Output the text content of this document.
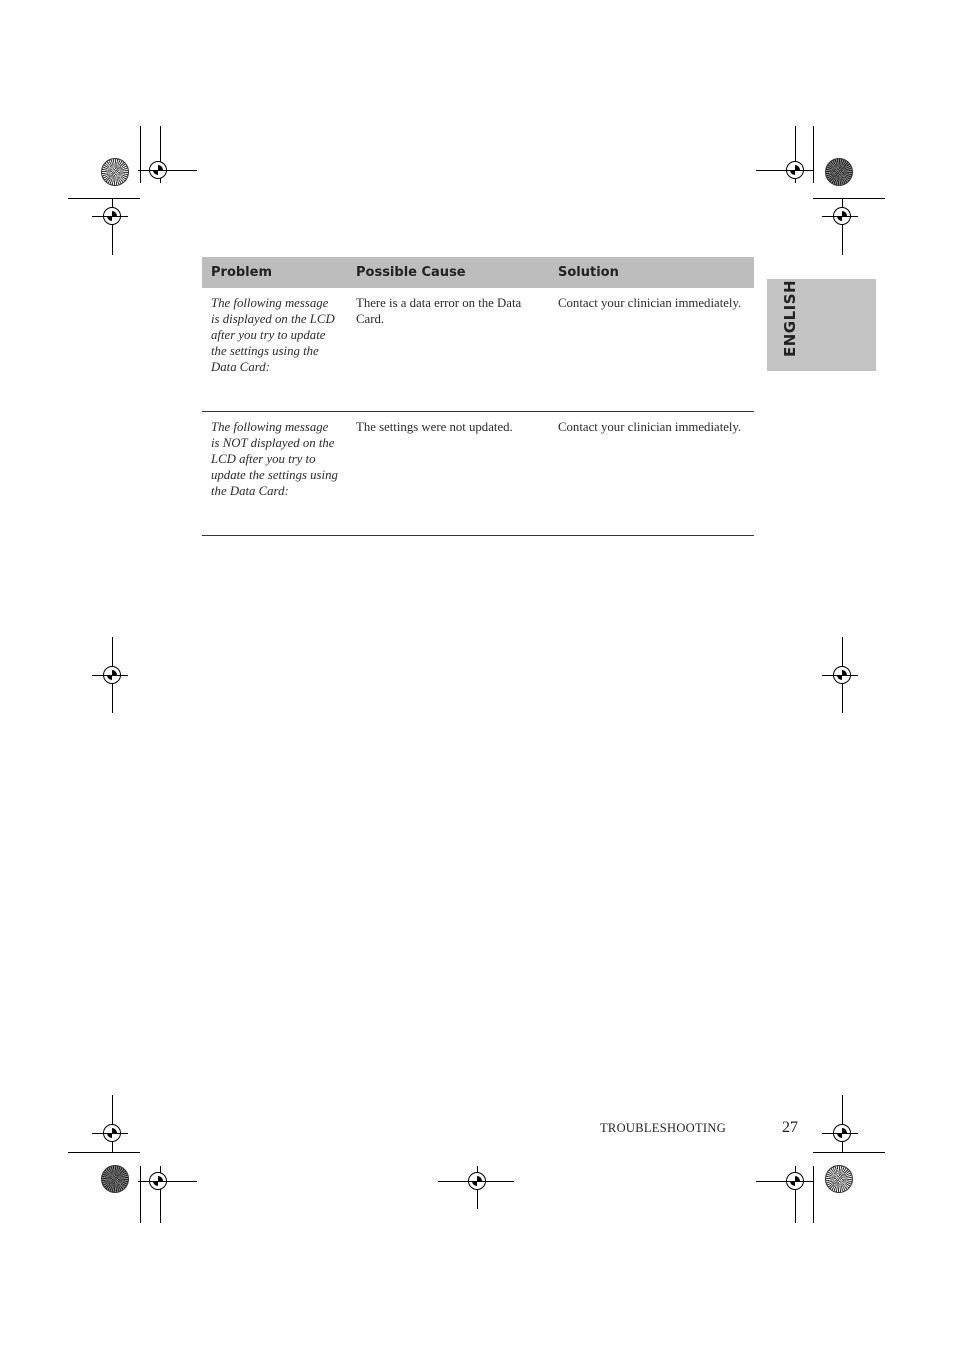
Problem	Possible Cause	Solution
The following message is displayed on the LCD after you try to update the settings using the Data Card:	There is a data error on the Data Card.	Contact your clinician immediately.
The following message is NOT displayed on the LCD after you try to update the settings using the Data Card:	The settings were not updated.	Contact your clinician immediately.
ENGLISH
TROUBLESHOOTING	27
